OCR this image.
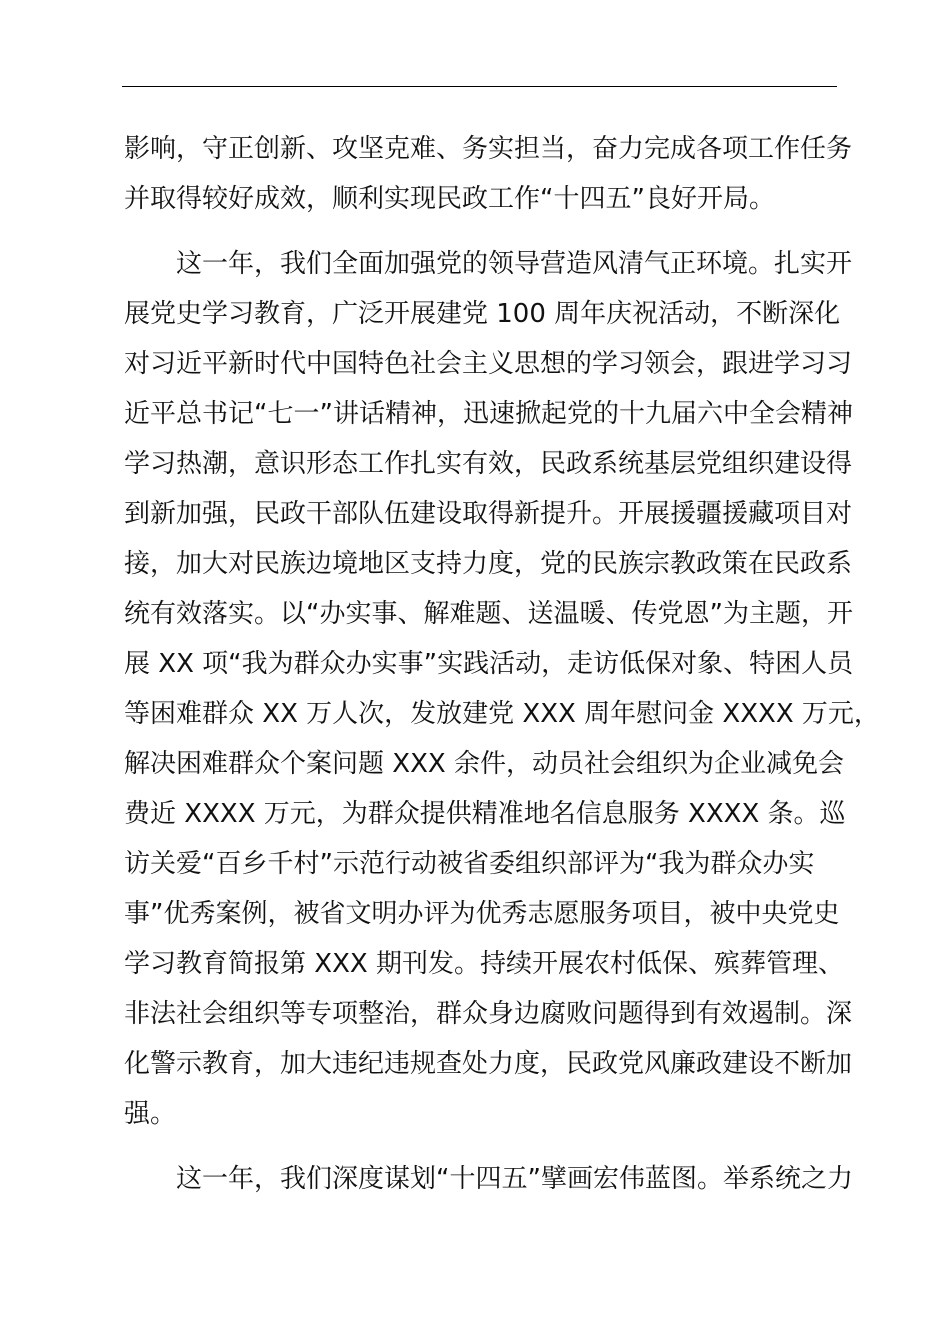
影响，守正创新、攻坚克难、务实担当，奋力完成各项工作任务
并取得较好成效，顺利实现民政工作“十四五”良好开局。

这一年，我们全面加强党的领导营造风清气正环境。扎实开
展党史学习教育，广泛开展建党 100 周年庆祝活动，不断深化
对习近平新时代中国特色社会主义思想的学习领会，跟进学习习
近平总书记“七一”讲话精神，迅速掀起党的十九届六中全会精神
学习热潮，意识形态工作扎实有效，民政系统基层党组织建设得
到新加强，民政干部队伍建设取得新提升。开展援疆援藏项目对
接，加大对民族边境地区支持力度，党的民族宗教政策在民政系
统有效落实。以“办实事、解难题、送温暖、传党恩”为主题，开
展 XX 项“我为群众办实事”实践活动，走访低保对象、特困人员
等困难群众 XX 万人次，发放建党 XXX 周年慰问金 XXXX 万元，
解决困难群众个案问题 XXX 余件，动员社会组织为企业减免会
费近 XXXX 万元，为群众提供精准地名信息服务 XXXX 条。巡
访关爱“百乡千村”示范行动被省委组织部评为“我为群众办实
事”优秀案例，被省文明办评为优秀志愿服务项目，被中央党史
学习教育简报第 XXX 期刊发。持续开展农村低保、殡葬管理、
非法社会组织等专项整治，群众身边腐败问题得到有效遏制。深
化警示教育，加大违纪违规查处力度，民政党风廉政建设不断加
强。

这一年，我们深度谋划“十四五”擘画宏伟蓝图。举系统之力
